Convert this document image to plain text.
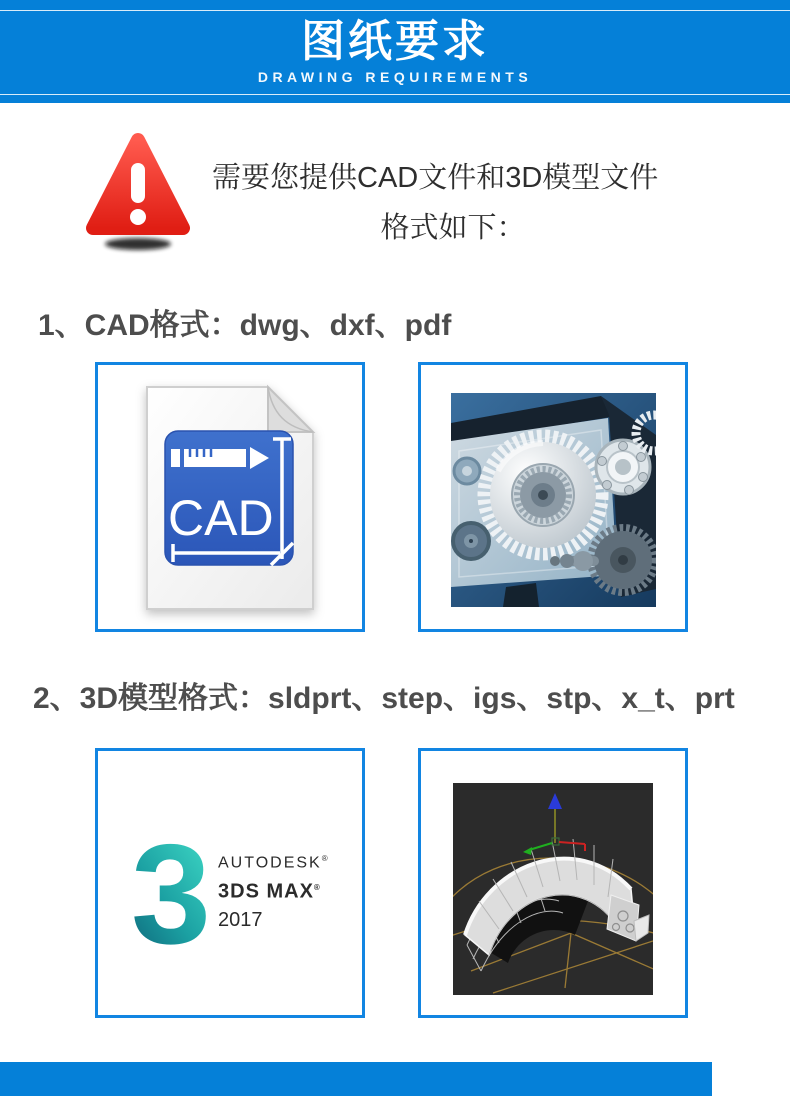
图纸要求
DRAWING REQUIREMENTS
需要您提供CAD文件和3D模型文件
格式如下：
1、CAD格式：dwg、dxf、pdf
CAD
2、3D模型格式：sldprt、step、igs、stp、x_t、prt
3 AUTODESK®
3DS MAX®
2017
